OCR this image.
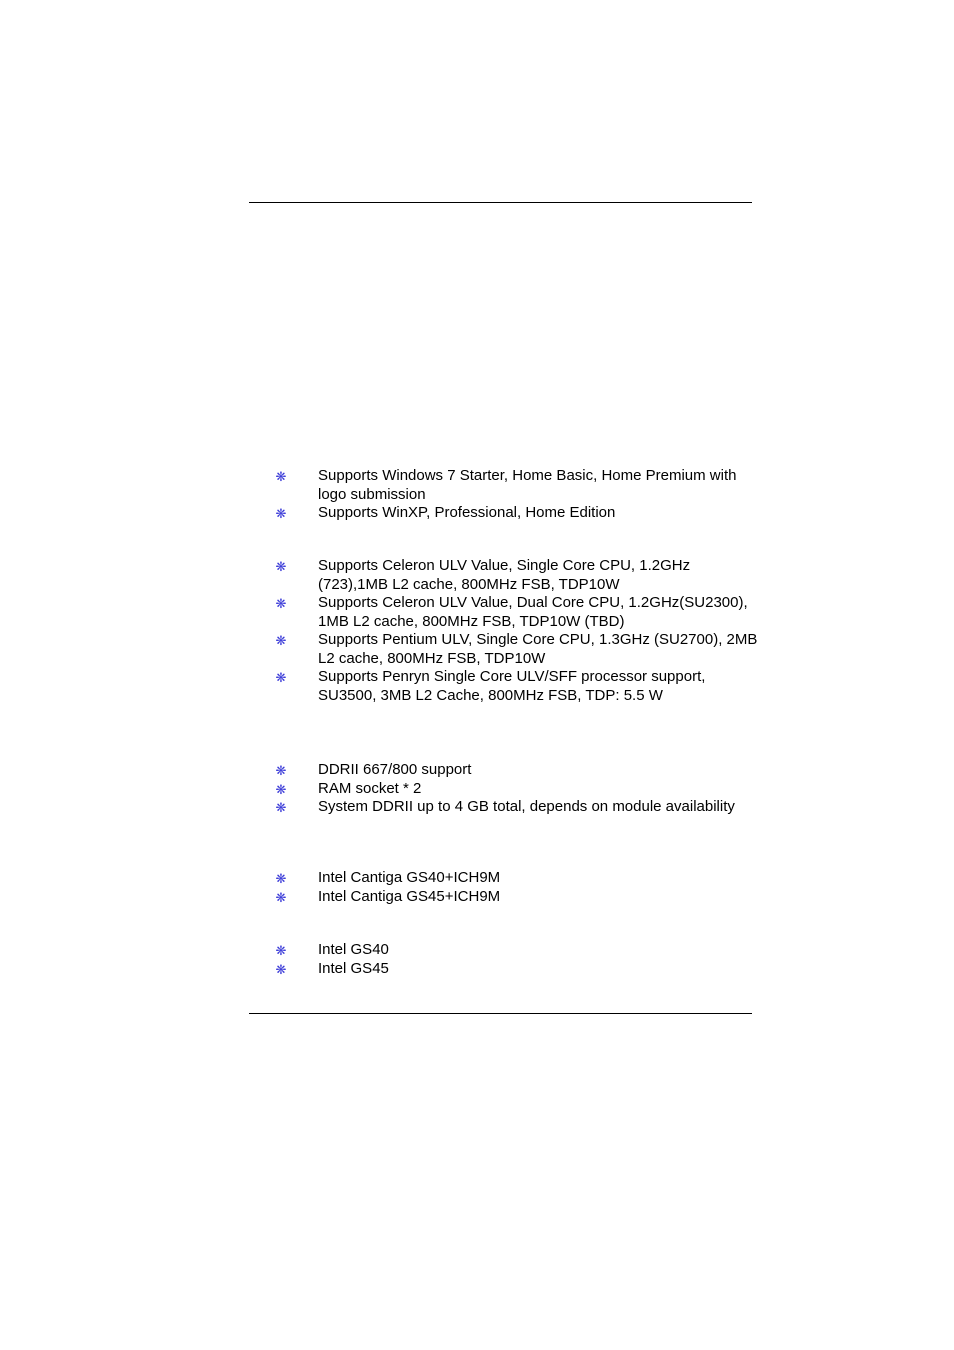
❋	Supports Windows 7 Starter, Home Basic, Home Premium with logo submission
❋	Supports WinXP, Professional, Home Edition
❋	Supports Celeron ULV Value, Single Core CPU, 1.2GHz (723),1MB L2 cache, 800MHz FSB, TDP10W
❋	Supports Celeron ULV Value, Dual Core CPU, 1.2GHz(SU2300), 1MB L2 cache, 800MHz FSB, TDP10W (TBD)
❋	Supports Pentium ULV, Single Core CPU, 1.3GHz (SU2700), 2MB L2 cache, 800MHz FSB, TDP10W
❋	Supports Penryn Single Core ULV/SFF processor support, SU3500, 3MB L2 Cache, 800MHz FSB, TDP: 5.5 W
❋	DDRII 667/800 support
❋	RAM socket * 2
❋	System DDRII up to 4 GB total, depends on module availability
❋	Intel Cantiga GS40+ICH9M
❋	Intel Cantiga GS45+ICH9M
❋	Intel GS40
❋	Intel GS45
